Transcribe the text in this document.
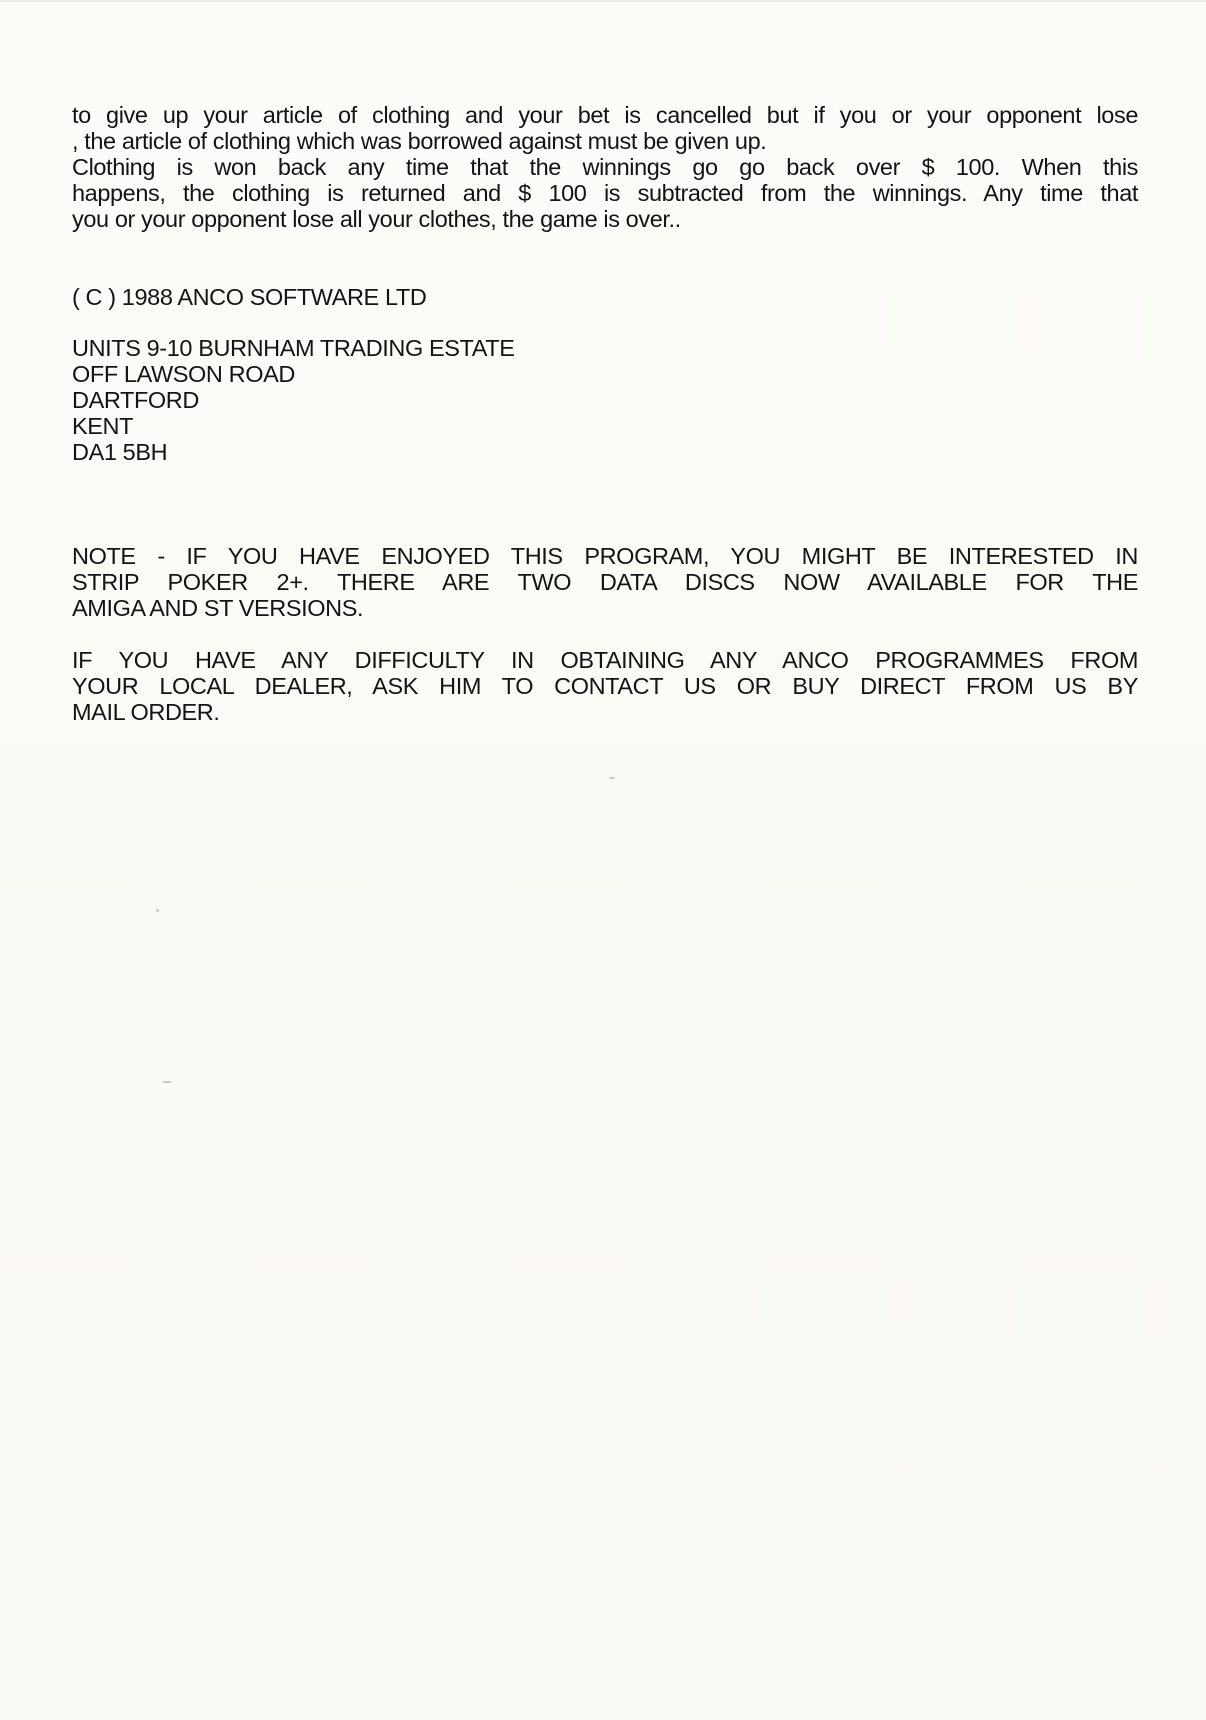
to give up your article of clothing and your bet is cancelled but if you or your opponent lose
, the article of clothing which was borrowed against must be given up.
Clothing is won back any time that the winnings go go back over $ 100. When this
happens, the clothing is returned and $ 100 is subtracted from the winnings. Any time that
you or your opponent lose all your clothes, the game is over..
( C ) 1988 ANCO SOFTWARE LTD
UNITS 9-10 BURNHAM TRADING ESTATE
OFF LAWSON ROAD
DARTFORD
KENT
DA1 5BH
NOTE - IF YOU HAVE ENJOYED THIS PROGRAM, YOU MIGHT BE INTERESTED IN
STRIP POKER 2+. THERE ARE TWO DATA DISCS NOW AVAILABLE FOR THE
AMIGA AND ST VERSIONS.
IF YOU HAVE ANY DIFFICULTY IN OBTAINING ANY ANCO PROGRAMMES FROM
YOUR LOCAL DEALER, ASK HIM TO CONTACT US OR BUY DIRECT FROM US BY
MAIL ORDER.
